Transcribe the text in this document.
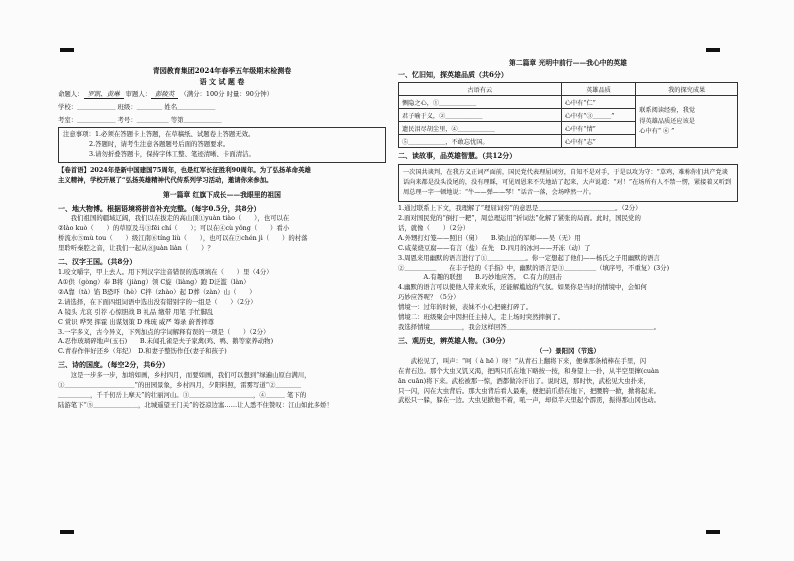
青园教育集团2024年春季五年级期末检测卷
语 文 试 题 卷
命题人： 罗凯、黄琳 审题人： 彭陵英 （满分：100分 时量：90分钟）
学校：＿＿＿＿＿＿ 班级：＿＿＿＿ 姓名＿＿＿＿＿＿
考室：＿＿＿＿＿＿ 考号：＿＿＿＿＿ 等第＿＿＿＿＿＿
注意事项：1.必须在答题卡上答题，在草稿纸、试题卷上答题无效。
2.答题时，请考生注意各题题号后面的答题要求。
3.请勿折叠答题卡，保持字体工整、笔迹清晰、卡面清洁。
【卷首语】2024年是新中国建国75周年，也是红军长征胜利90周年。为了弘扬革命英雄
主义精神，学校开展了“弘扬英雄精神代代传系列学习活动，邀请你来参加。
第一篇章 红旗下成长——我眼里的祖国
一、地大物博。根据语境将拼音补充完整。（每字0.5分，共8分）
　　我们祖国的疆域辽阔，我们以在拔走的高山顶①yuàn tiào（　　），也可以在
②lào kuò（　　）的草原及马③fēi chí（　　）；可以在④cù yǒng（　　）看小
桥流水⑤mù tou（　　）级江南⑥tíng liù（　　），也可以在⑦chén jì（　　）的村落
里聆听秦腔之音，让我们一起从⑧juàn liàn（　　）？
二、汉字王国。（共8分）
1.咬文嚼字，甲上去人。用下列汉字注音错误的选项填在（　　）里（4分）
A①供（gòng）奉 B将（jiàng）领 C旋（liàng）跑 D泛滥（làn）
②A靠（tà）馅 B恐吓（hè）C拌（zhào）起 D葬（zàn）山（　　）
2.请选择，在下面四组词语中选出没有错别字的一组是（　　）（2分）
A 镜头 尤哀 引荐 心惊胆战 B 礼品 缴带 用笔 手忙脚乱
C 赏识 哗哭 挥霍 出谋划策 D 珠琉 威严 筹录 蔚普摔尊
3.一字多义，古今异义，下列加点的字词解释有误的一项是（　　）（2分）
A.忍作玻璃碎地声(玉石)　　B.未闻孔雀是夫子家禽(鸡、鸭、鹅等家养动物)
C.青春作伴好还乡（年纪）　D.和妻子整饬作任(妻子和孩子)
三、诗的国度。（每空2分，共6分）
　　这是一步多一步，加培如画，乡村四月，而要如画，我们可以想到“绿遍山原白满川，
①＿＿＿＿＿＿＿＿＿＿＿”的田园景象，乡村四月，夕阳料照，雷雾写道“②＿＿＿＿
＿＿＿＿＿，千千仞岳上摩天”的壮丽河山。③＿＿＿＿＿＿＿＿＿＿，④＿＿＿ 笔下的
陆游笔下“⑤＿＿＿＿＿＿＿，北城遥望王门关”的苍凉边塞……让人悉不住赞叹：江山如此多娇！
第二篇章 光明中前行——我心中的英雄
一、忆旧知，探英雄品质（共6分）
古语有云	英雄品质	我的探究成果
恻隐之心，①＿＿＿＿＿＿	心中有“仁”	联系阅读经验，我觉
得英雄品质还应该是
心中有“ ⑥ ”

君子喻于义，②＿＿＿＿＿＿	心中有“③＿＿＿”	
遗民泪尽胡尘里，④＿＿＿＿＿＿	心中有“情”	
⑤＿＿＿＿＿＿，不敢忘忧国。	心中有“志”	
二、读故事，品英雄智慧。（共12分）
一次国共谈判，在我方义正词严面前，国民党代表理屈词穷，自知不是对手，于是以攻为守：“草鸡，难称你们共产党谈话向来都是没头没尾的，没有理睬，可见周恩来不失地站了起来，大声说道：“对！”在场所有人不禁一愣，紧接着又听到周总理一字一顿地说：“牛——弹——琴！”话音一落，会场哗然一片。
1.通过联系上下文，我理解了“理屈词穷”的意思是＿＿＿＿＿＿＿＿＿＿＿＿。（2分）
2.面对国民党的“倒打一耙”，周总理运用“折词法”化解了紧张的局面。此时，国民党的
话，就像（　　）（2分）
A.外甥打灯笼——照旧（舅）　　B.梁山泊的军师——吴（无）用
C.咸菜烧豆腐——有言（盐）在先　D.四月的冰河——开冻（动）了
3.周恩来用幽默的语言进行了①＿＿＿＿＿＿。你一定想起了他们——杨氏之子用幽默的语言
②＿＿＿＿＿　　在丰子恺的《手指》中，幽默的语言是③＿＿＿＿＿（填序号，不重复）(3分)
　　　　A.有趣的联想　　B.巧妙地应答。　C.有力的回击
4.幽默的语言可以使他人带来欢乐，还能解尴尬的气氛。如果你是当时的情境中，会如何
巧妙应答呢？（5分）
情境一：过年的时候，表妹不小心把碗打碎了。
情境二：班级聚会中因担任主持人，走上场时突然摔倒了。
我选择情境＿＿＿＿＿，我会这样回答＿＿＿＿＿＿＿＿＿＿＿＿＿＿＿＿＿＿＿＿＿＿＿。
三、观历史，辨英雄人物。（30分）
（一）景阳冈（节选）
　　武松见了，叫声：“呵（ à hē ）呀！”从青石上翻将下来，便拿那条梢棒在手里，闪
在青石边。那个大虫又饥又渴，把两只爪在地下略按一按，和身望上一扑，从半空里撺(cuàn
ān cuān)将下来。武松被那一惊，酒都做冷汗出了。说时迟，那时快，武松见大虫扑来，
只一闪，闪在大虫背后。那大虫背后看人最难，便把前爪搭在地下，把腰胯一掀，掀将起来。
武松只一躲，躲在一边。大虫见掀他不着，吼一声，却似半天里起个霹雳，振得那山冈也动。
